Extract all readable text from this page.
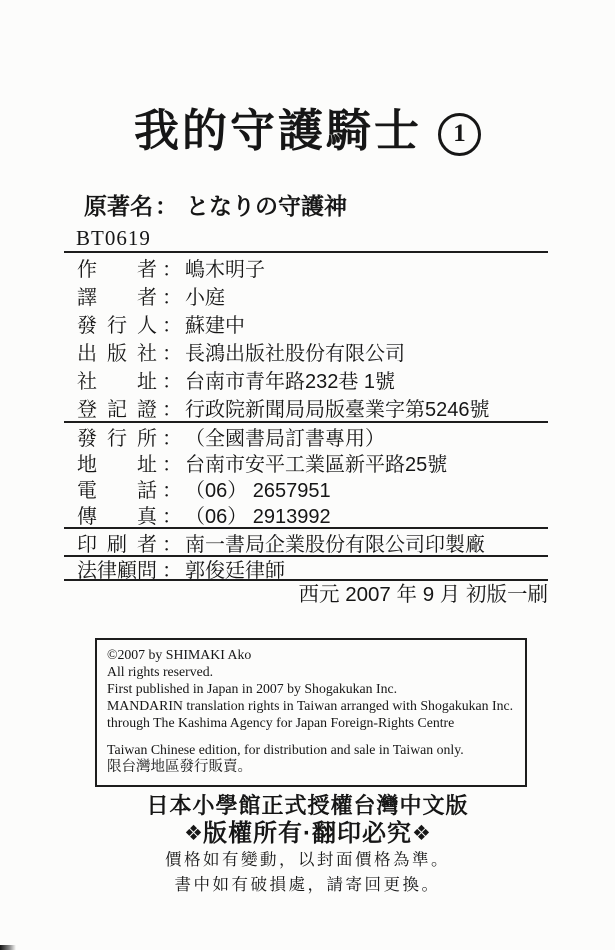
我的守護騎士 1
原著名： となりの守護神
BT0619
作者 ： 嶋木明子
譯者 ： 小庭
發行人 ： 蘇建中
出版社 ： 長鴻出版社股份有限公司
社址 ： 台南市青年路232巷 1號
登記證 ： 行政院新聞局局版臺業字第5246號
發行所 ： （全國書局訂書專用）
地址 ： 台南市安平工業區新平路25號
電話 ： （06） 2657951
傳真 ： （06） 2913992
印刷者 ： 南一書局企業股份有限公司印製廠
法律顧問 ： 郭俊廷律師
西元 2007 年 9 月 初版一刷
©2007 by SHIMAKI Ako
All rights reserved.
First published in Japan in 2007 by Shogakukan Inc.
MANDARIN translation rights in Taiwan arranged with Shogakukan Inc.
through The Kashima Agency for Japan Foreign-Rights Centre
Taiwan Chinese edition, for distribution and sale in Taiwan only.
限台灣地區發行販賣。
日本小學館正式授權台灣中文版
❖版權所有·翻印必究❖
價格如有變動，以封面價格為準。
書中如有破損處，請寄回更換。
